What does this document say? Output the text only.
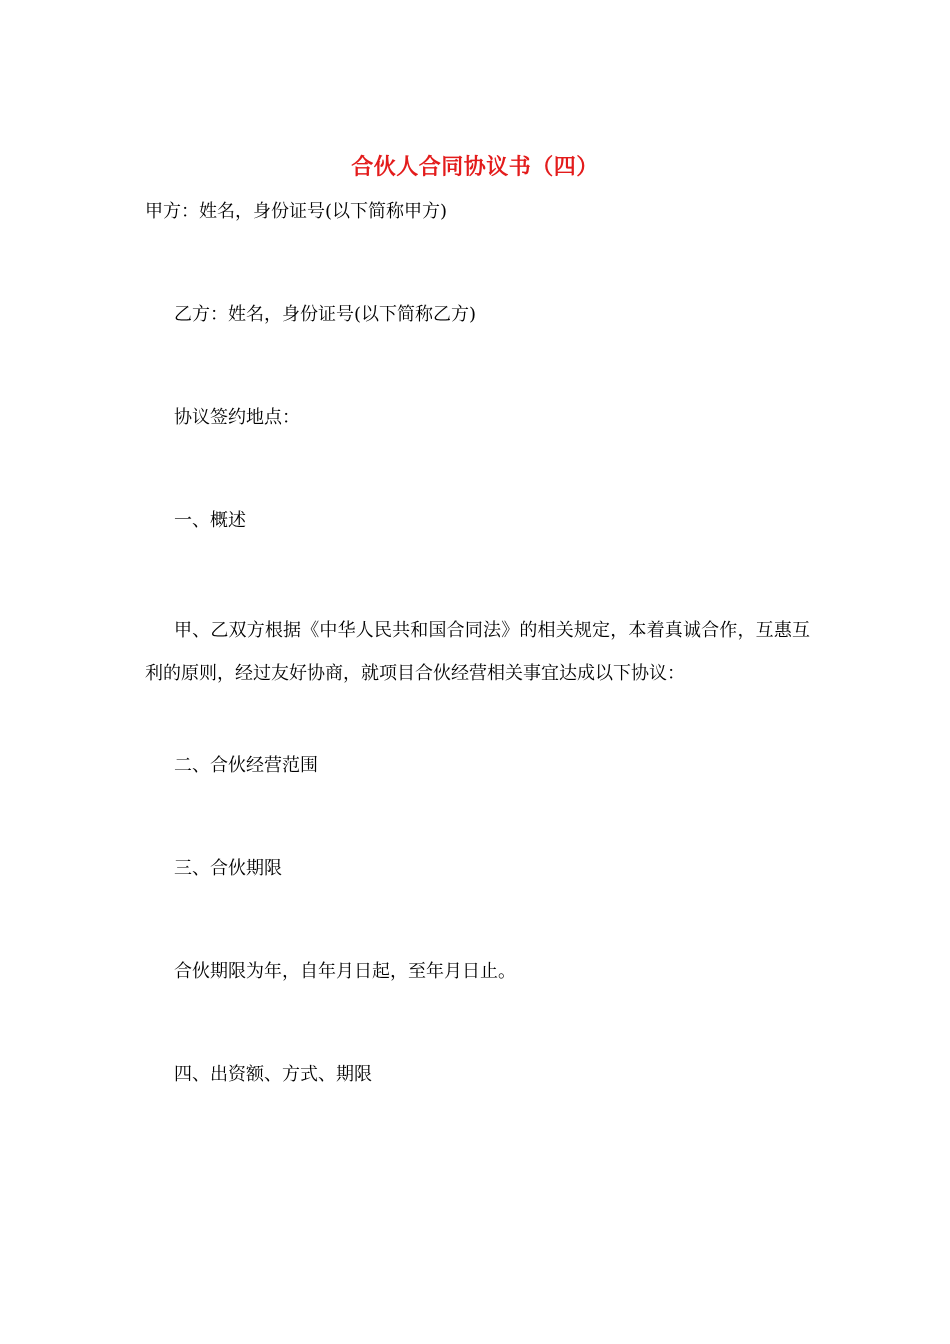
合伙人合同协议书（四）
甲方：姓名，身份证号(以下简称甲方)
乙方：姓名，身份证号(以下简称乙方)
协议签约地点：
一、概述
甲、乙双方根据《中华人民共和国合同法》的相关规定，本着真诚合作，互惠互利的原则，经过友好协商，就项目合伙经营相关事宜达成以下协议：
二、合伙经营范围
三、合伙期限
合伙期限为年，自年月日起，至年月日止。
四、出资额、方式、期限
